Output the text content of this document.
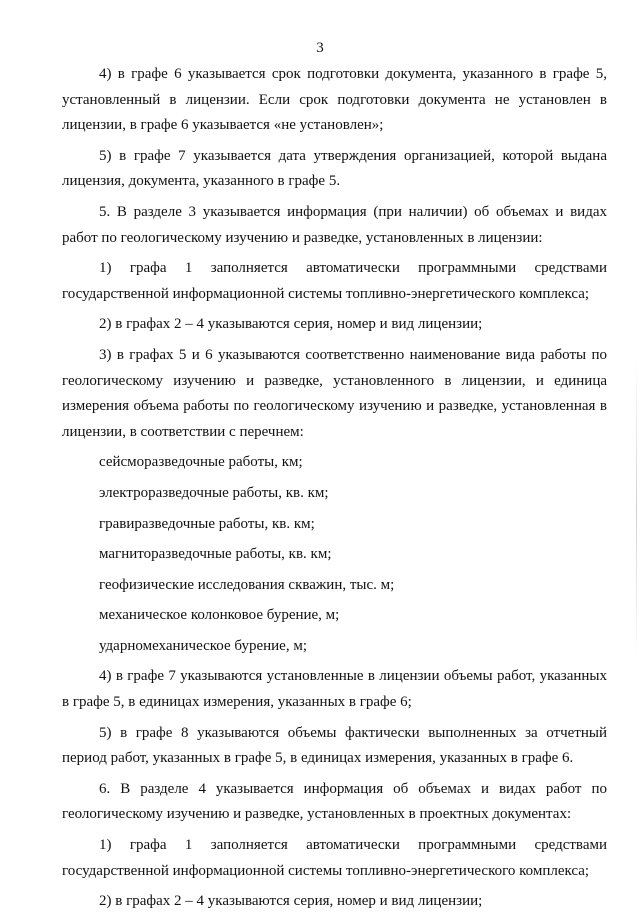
3

4) в графе 6 указывается срок подготовки документа, указанного в графе 5, установленный в лицензии. Если срок подготовки документа не установлен в лицензии, в графе 6 указывается «не установлен»;

5) в графе 7 указывается дата утверждения организацией, которой выдана лицензия, документа, указанного в графе 5.

5. В разделе 3 указывается информация (при наличии) об объемах и видах работ по геологическому изучению и разведке, установленных в лицензии:

1) графа 1 заполняется автоматически программными средствами государственной информационной системы топливно-энергетического комплекса;

2) в графах 2 – 4 указываются серия, номер и вид лицензии;

3) в графах 5 и 6 указываются соответственно наименование вида работы по геологическому изучению и разведке, установленного в лицензии, и единица измерения объема работы по геологическому изучению и разведке, установленная в лицензии, в соответствии с перечнем:

сейсморазведочные работы, км;

электроразведочные работы, кв. км;

гравиразведочные работы, кв. км;

магниторазведочные работы, кв. км;

геофизические исследования скважин, тыс. м;

механическое колонковое бурение, м;

ударномеханическое бурение, м;

4) в графе 7 указываются установленные в лицензии объемы работ, указанных в графе 5, в единицах измерения, указанных в графе 6;

5) в графе 8 указываются объемы фактически выполненных за отчетный период работ, указанных в графе 5, в единицах измерения, указанных в графе 6.

6. В разделе 4 указывается информация об объемах и видах работ по геологическому изучению и разведке, установленных в проектных документах:

1) графа 1 заполняется автоматически программными средствами государственной информационной системы топливно-энергетического комплекса;

2) в графах 2 – 4 указываются серия, номер и вид лицензии;
